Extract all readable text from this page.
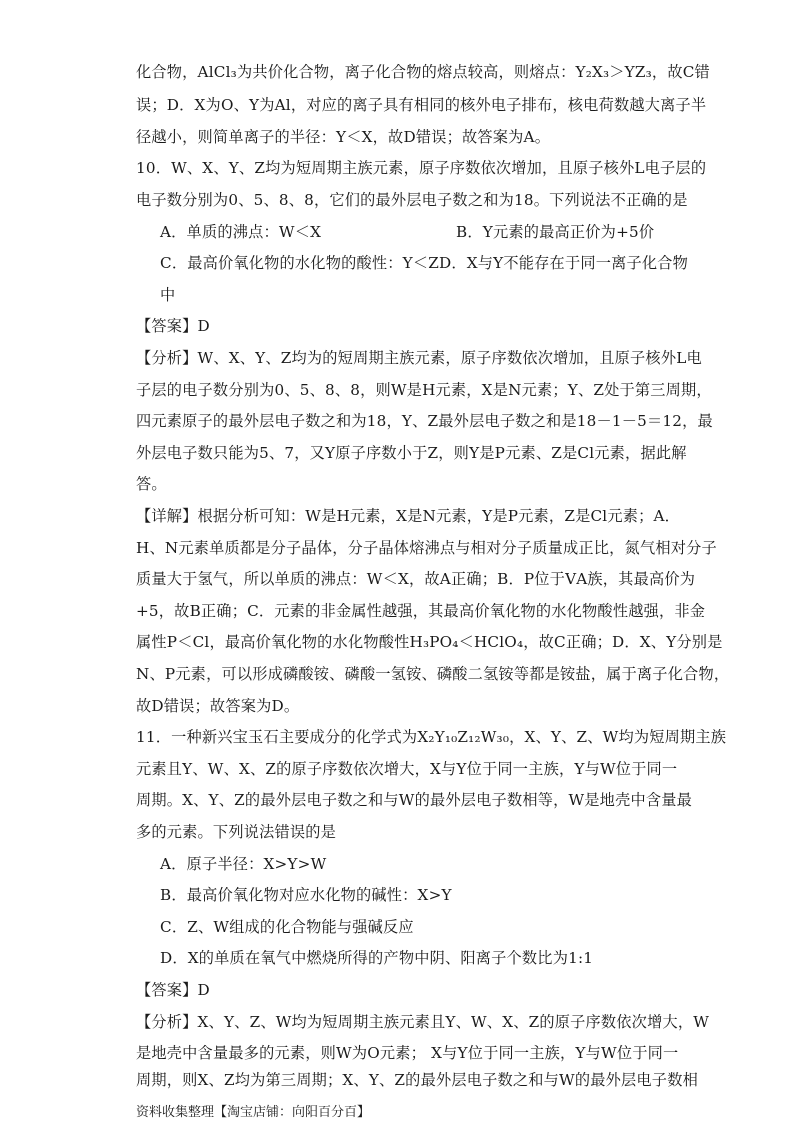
化合物，AlCl₃为共价化合物，离子化合物的熔点较高，则熔点：Y₂X₃＞YZ₃，故C错
误；D．X为O、Y为Al，对应的离子具有相同的核外电子排布，核电荷数越大离子半
径越小，则简单离子的半径：Y＜X，故D错误；故答案为A。
10．W、X、Y、Z均为短周期主族元素，原子序数依次增加，且原子核外L电子层的
电子数分别为0、5、8、8，它们的最外层电子数之和为18。下列说法不正确的是
A．单质的沸点：W＜X	B．Y元素的最高正价为+5价
C．最高价氧化物的水化物的酸性：Y＜ZD．X与Y不能存在于同一离子化合物
中
【答案】D
【分析】W、X、Y、Z均为的短周期主族元素，原子序数依次增加，且原子核外L电
子层的电子数分别为0、5、8、8，则W是H元素，X是N元素；Y、Z处于第三周期，
四元素原子的最外层电子数之和为18，Y、Z最外层电子数之和是18－1－5＝12，最
外层电子数只能为5、7，又Y原子序数小于Z，则Y是P元素、Z是Cl元素，据此解
答。
【详解】根据分析可知：W是H元素，X是N元素，Y是P元素，Z是Cl元素；A．
H、N元素单质都是分子晶体，分子晶体熔沸点与相对分子质量成正比，氮气相对分子
质量大于氢气，所以单质的沸点：W＜X，故A正确；B．P位于ⅤA族，其最高价为
+5，故B正确；C．元素的非金属性越强，其最高价氧化物的水化物酸性越强，非金
属性P＜Cl，最高价氧化物的水化物酸性H₃PO₄＜HClO₄，故C正确；D．X、Y分别是
N、P元素，可以形成磷酸铵、磷酸一氢铵、磷酸二氢铵等都是铵盐，属于离子化合物，
故D错误；故答案为D。
11．一种新兴宝玉石主要成分的化学式为X₂Y₁₀Z₁₂W₃₀，X、Y、Z、W均为短周期主族
元素且Y、W、X、Z的原子序数依次增大，X与Y位于同一主族，Y与W位于同一
周期。X、Y、Z的最外层电子数之和与W的最外层电子数相等，W是地壳中含量最
多的元素。下列说法错误的是
A．原子半径：X>Y>W
B．最高价氧化物对应水化物的碱性：X>Y
C．Z、W组成的化合物能与强碱反应
D．X的单质在氧气中燃烧所得的产物中阴、阳离子个数比为1:1
【答案】D
【分析】X、Y、Z、W均为短周期主族元素且Y、W、X、Z的原子序数依次增大，W
是地壳中含量最多的元素，则W为O元素； X与Y位于同一主族，Y与W位于同一
周期，则X、Z均为第三周期；X、Y、Z的最外层电子数之和与W的最外层电子数相
资料收集整理【淘宝店铺：向阳百分百】
